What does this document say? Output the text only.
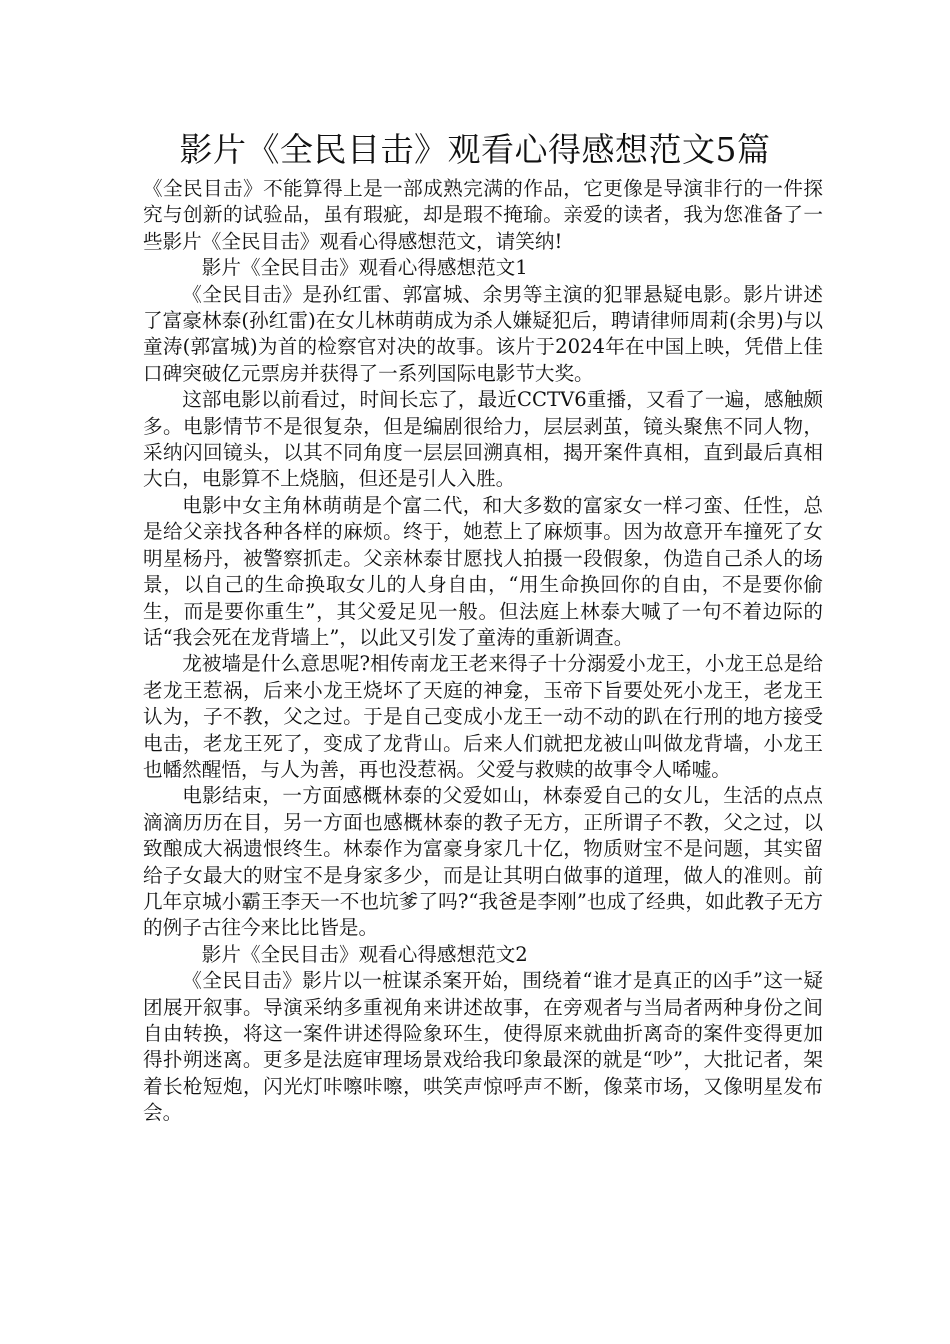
影片《全民目击》观看心得感想范文5篇

《全民目击》不能算得上是一部成熟完满的作品，它更像是导演非行的一件探究与创新的试验品，虽有瑕疵，却是瑕不掩瑜。亲爱的读者，我为您准备了一些影片《全民目击》观看心得感想范文，请笑纳!

影片《全民目击》观看心得感想范文1

《全民目击》是孙红雷、郭富城、余男等主演的犯罪悬疑电影。影片讲述了富豪林泰(孙红雷)在女儿林萌萌成为杀人嫌疑犯后，聘请律师周莉(余男)与以童涛(郭富城)为首的检察官对决的故事。该片于2024年在中国上映，凭借上佳口碑突破亿元票房并获得了一系列国际电影节大奖。

这部电影以前看过，时间长忘了，最近CCTV6重播，又看了一遍，感触颇多。电影情节不是很复杂，但是编剧很给力，层层剥茧，镜头聚焦不同人物，采纳闪回镜头，以其不同角度一层层回溯真相，揭开案件真相，直到最后真相大白，电影算不上烧脑，但还是引人入胜。

电影中女主角林萌萌是个富二代，和大多数的富家女一样刁蛮、任性，总是给父亲找各种各样的麻烦。终于，她惹上了麻烦事。因为故意开车撞死了女明星杨丹，被警察抓走。父亲林泰甘愿找人拍摄一段假象，伪造自己杀人的场景，以自己的生命换取女儿的人身自由，“用生命换回你的自由，不是要你偷生，而是要你重生”，其父爱足见一般。但法庭上林泰大喊了一句不着边际的话“我会死在龙背墙上”，以此又引发了童涛的重新调查。

龙被墙是什么意思呢?相传南龙王老来得子十分溺爱小龙王，小龙王总是给老龙王惹祸，后来小龙王烧坏了天庭的神龛，玉帝下旨要处死小龙王，老龙王认为，子不教，父之过。于是自己变成小龙王一动不动的趴在行刑的地方接受电击，老龙王死了，变成了龙背山。后来人们就把龙被山叫做龙背墙，小龙王也幡然醒悟，与人为善，再也没惹祸。父爱与救赎的故事令人唏嘘。

电影结束，一方面感概林泰的父爱如山，林泰爱自己的女儿，生活的点点滴滴历历在目，另一方面也感概林泰的教子无方，正所谓子不教，父之过，以致酿成大祸遗恨终生。林泰作为富豪身家几十亿，物质财宝不是问题，其实留给子女最大的财宝不是身家多少，而是让其明白做事的道理，做人的准则。前几年京城小霸王李天一不也坑爹了吗?“我爸是李刚”也成了经典，如此教子无方的例子古往今来比比皆是。

影片《全民目击》观看心得感想范文2

《全民目击》影片以一桩谋杀案开始，围绕着“谁才是真正的凶手”这一疑团展开叙事。导演采纳多重视角来讲述故事，在旁观者与当局者两种身份之间自由转换，将这一案件讲述得险象环生，使得原来就曲折离奇的案件变得更加得扑朔迷离。更多是法庭审理场景戏给我印象最深的就是“吵”，大批记者，架着长枪短炮，闪光灯咔嚓咔嚓，哄笑声惊呼声不断，像菜市场，又像明星发布会。
